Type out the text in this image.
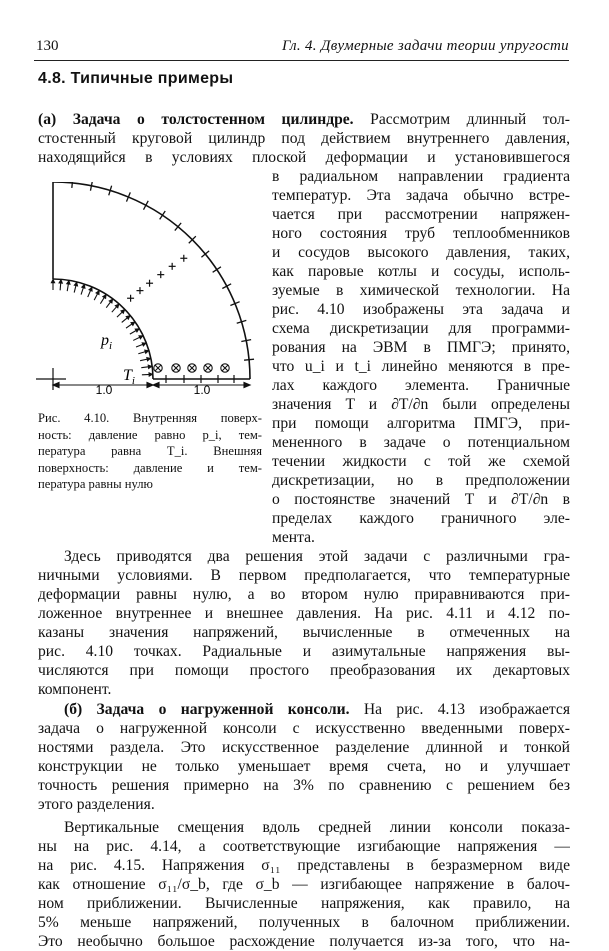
130	Гл. 4. Двумерные задачи теории упругости
4.8. Типичные примеры
(а) Задача о толстостенном цилиндре. Рассмотрим длинный тол-
стостенный круговой цилиндр под действием внутреннего давления,
находящийся в условиях плоской деформации и установившегося
в радиальном направлении градиента
температур. Эта задача обычно встре-
чается при рассмотрении напряжен-
ного состояния труб теплообменников
и сосудов высокого давления, таких,
как паровые котлы и сосуды, исполь-
зуемые в химической технологии. На
рис. 4.10 изображены эта задача и
схема дискретизации для программи-
рования на ЭВМ в ПМГЭ; принято,
что u_i и t_i линейно меняются в пре-
лах каждого элемента. Граничные
значения T и ∂T/∂n были определены
при помощи алгоритма ПМГЭ, при-
мененного в задаче о потенциальном
течении жидкости с той же схемой
дискретизации, но в предположении
о постоянстве значений T и ∂T/∂n в
пределах каждого граничного эле-
мента.
1.0	1.0
$p_i$
$T_i$
Рис. 4.10. Внутренняя поверх-
ность: давление равно p_i, тем-
пература равна T_i. Внешняя
поверхность: давление и тем-
пература равны нулю
Здесь приводятся два решения этой задачи с различными гра-
ничными условиями. В первом предполагается, что температурные
деформации равны нулю, а во втором нулю приравниваются при-
ложенное внутреннее и внешнее давления. На рис. 4.11 и 4.12 по-
казаны значения напряжений, вычисленные в отмеченных на
рис. 4.10 точках. Радиальные и азимутальные напряжения вы-
числяются при помощи простого преобразования их декартовых
компонент.
(б) Задача о нагруженной консоли. На рис. 4.13 изображается
задача о нагруженной консоли с искусственно введенными поверх-
ностями раздела. Это искусственное разделение длинной и тонкой
конструкции не только уменьшает время счета, но и улучшает
точность решения примерно на 3% по сравнению с решением без
этого разделения.
Вертикальные смещения вдоль средней линии консоли показа-
ны на рис. 4.14, а соответствующие изгибающие напряжения —
на рис. 4.15. Напряжения σ₁₁ представлены в безразмерном виде
как отношение σ₁₁/σ_b, где σ_b — изгибающее напряжение в балоч-
ном приближении. Вычисленные напряжения, как правило, на
5% меньше напряжений, полученных в балочном приближении.
Это необычно большое расхождение получается из-за того, что на-
